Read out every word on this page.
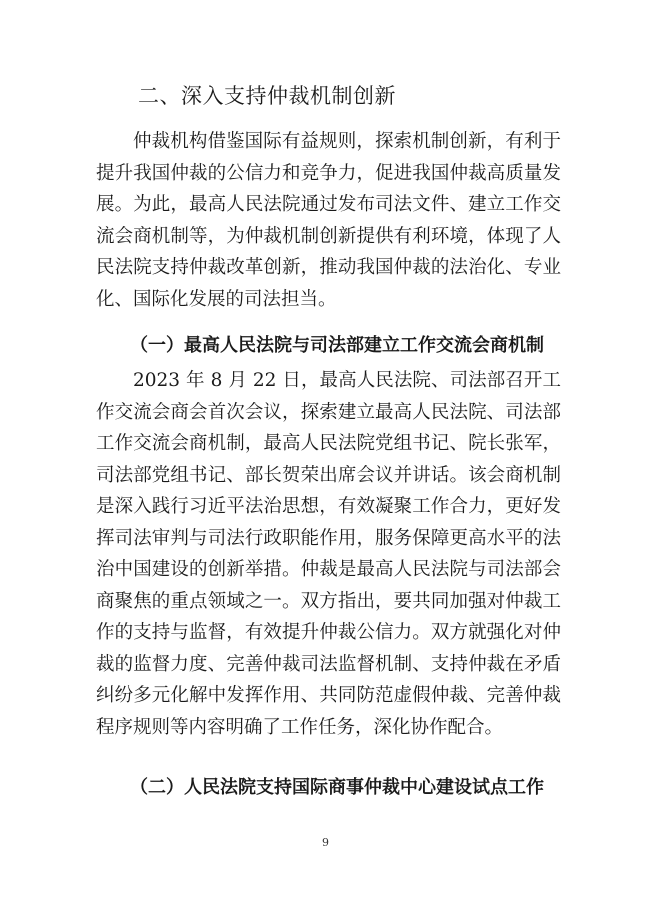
二、深入支持仲裁机制创新

仲裁机构借鉴国际有益规则，探索机制创新，有利于提升我国仲裁的公信力和竞争力，促进我国仲裁高质量发展。为此，最高人民法院通过发布司法文件、建立工作交流会商机制等，为仲裁机制创新提供有利环境，体现了人民法院支持仲裁改革创新，推动我国仲裁的法治化、专业化、国际化发展的司法担当。

（一）最高人民法院与司法部建立工作交流会商机制

2023 年 8 月 22 日，最高人民法院、司法部召开工作交流会商会首次会议，探索建立最高人民法院、司法部工作交流会商机制，最高人民法院党组书记、院长张军，司法部党组书记、部长贺荣出席会议并讲话。该会商机制是深入践行习近平法治思想，有效凝聚工作合力，更好发挥司法审判与司法行政职能作用，服务保障更高水平的法治中国建设的创新举措。仲裁是最高人民法院与司法部会商聚焦的重点领域之一。双方指出，要共同加强对仲裁工作的支持与监督，有效提升仲裁公信力。双方就强化对仲裁的监督力度、完善仲裁司法监督机制、支持仲裁在矛盾纠纷多元化解中发挥作用、共同防范虚假仲裁、完善仲裁程序规则等内容明确了工作任务，深化协作配合。

（二）人民法院支持国际商事仲裁中心建设试点工作
9
